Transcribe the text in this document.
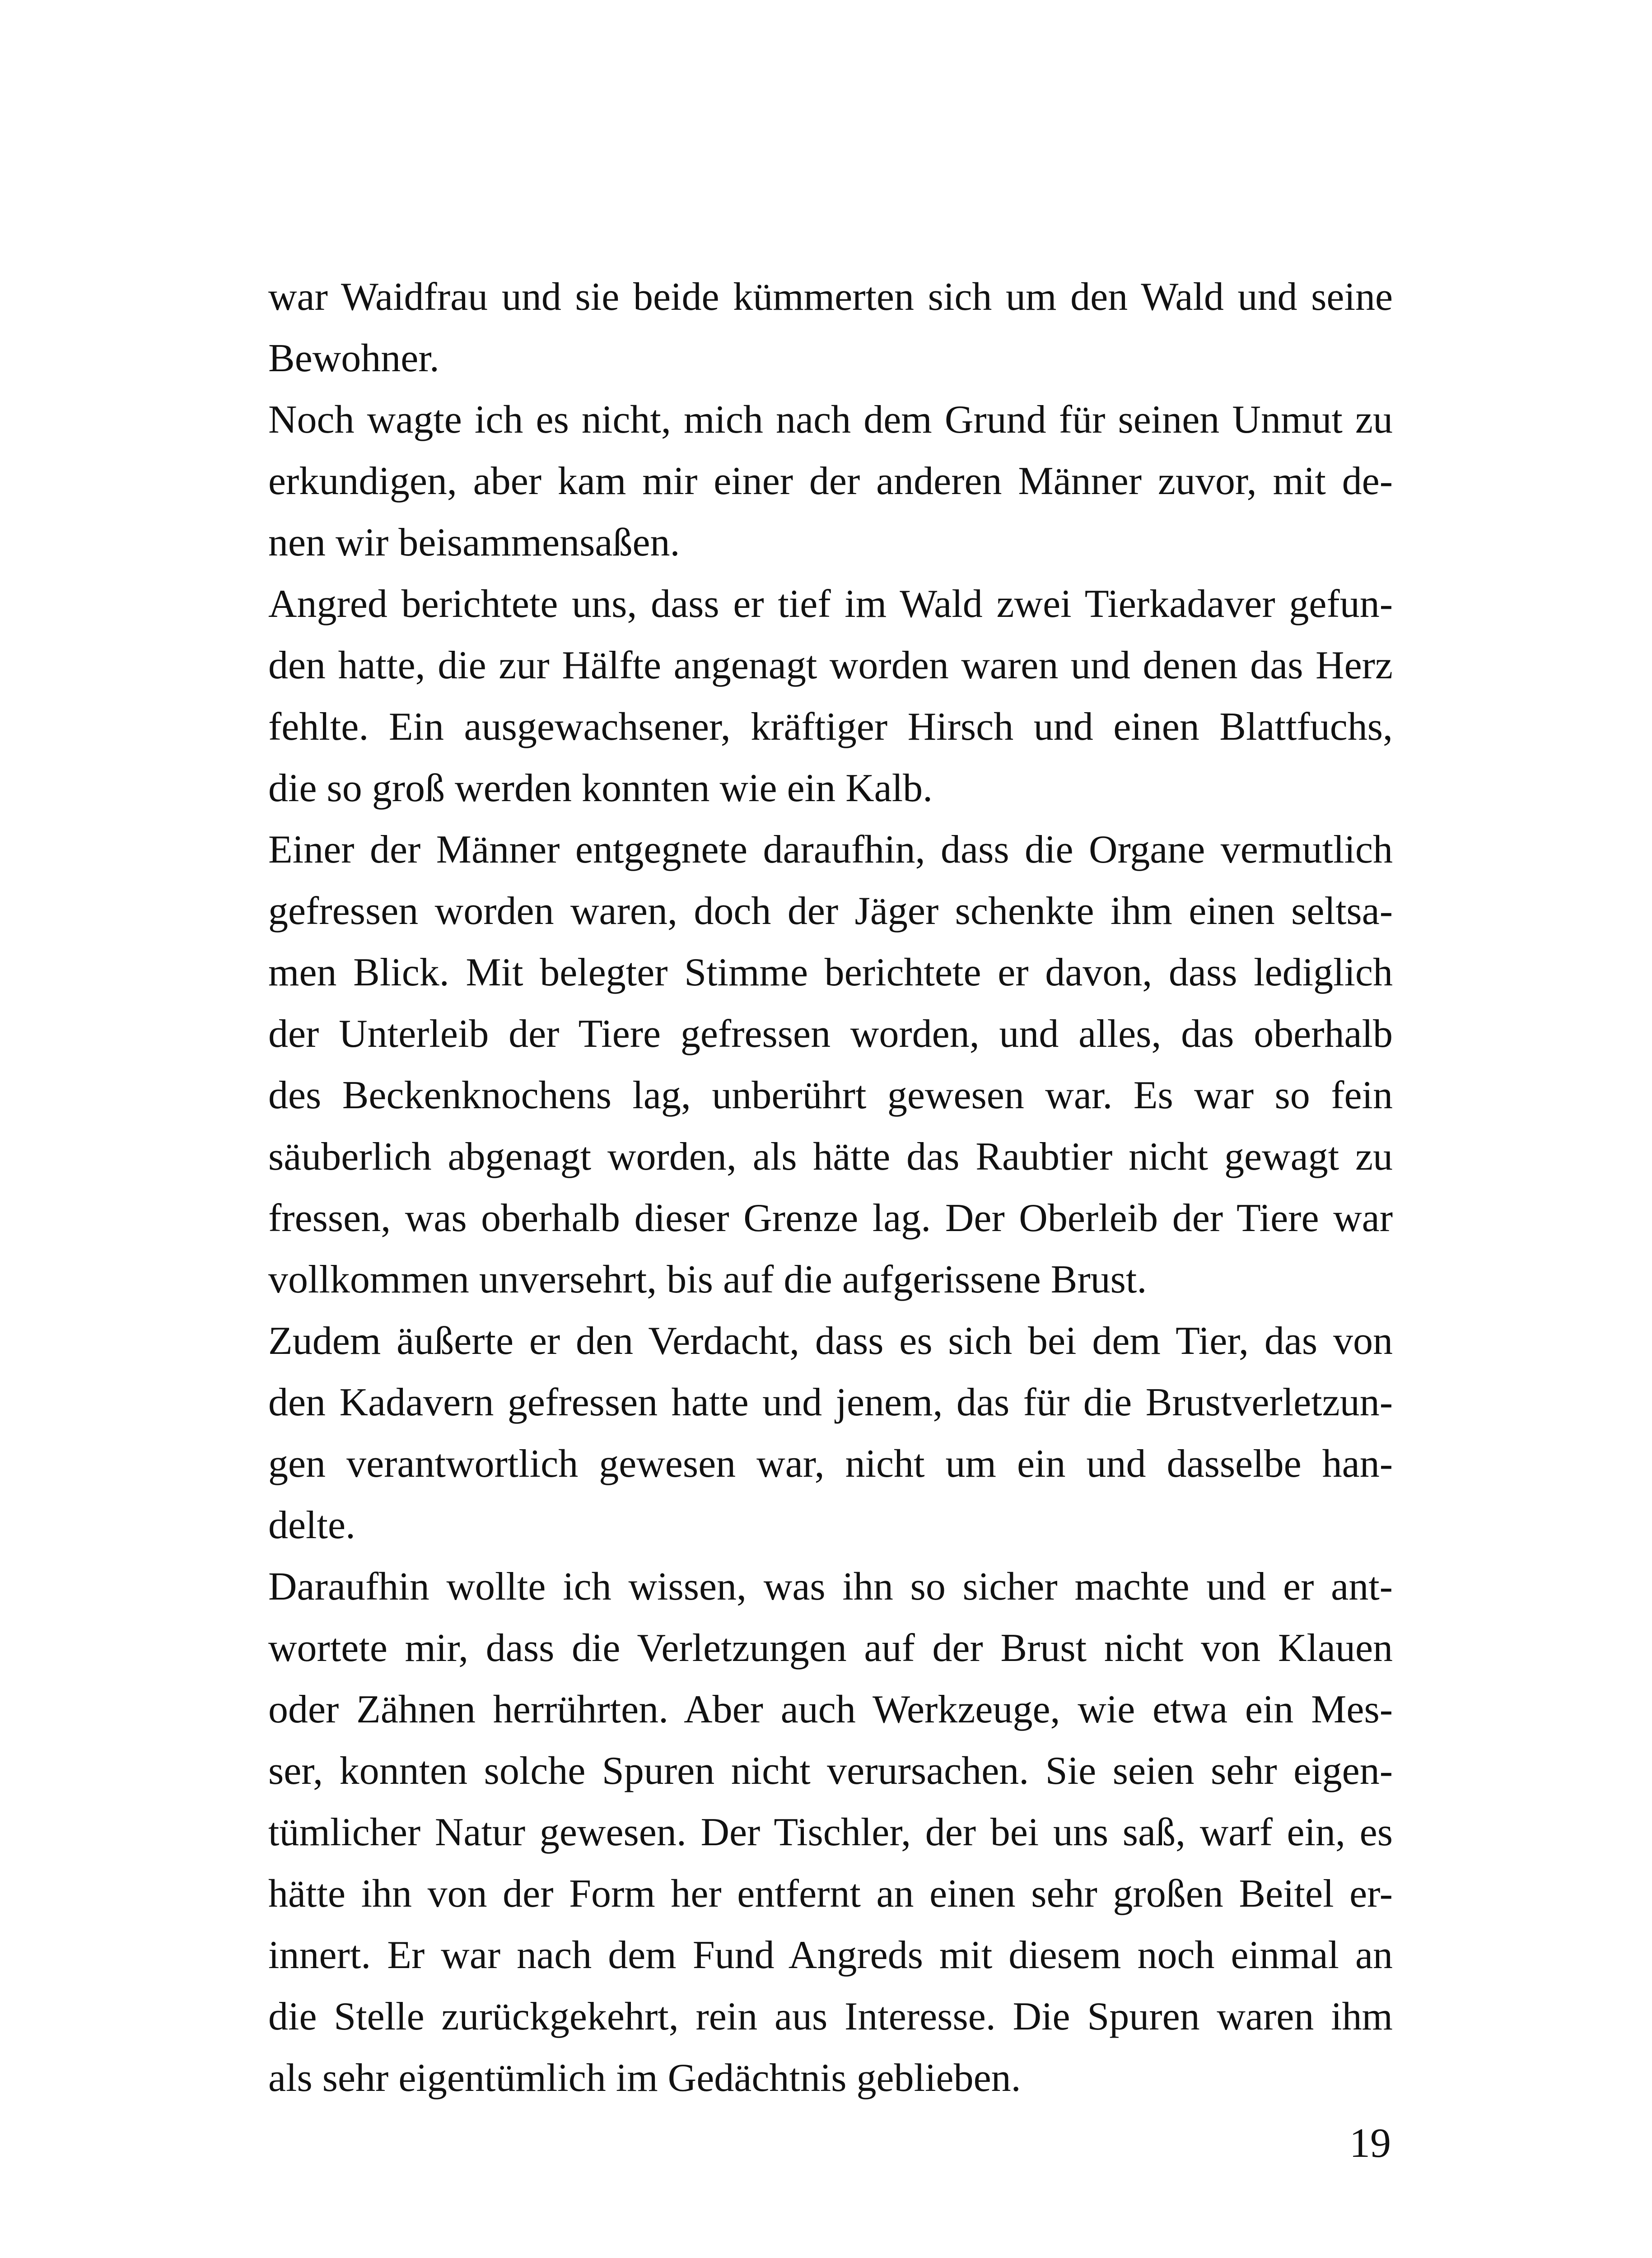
war Waidfrau und sie beide kümmerten sich um den Wald und seine
Bewohner.
Noch wagte ich es nicht, mich nach dem Grund für seinen Unmut zu
erkundigen, aber kam mir einer der anderen Männer zuvor, mit de-
nen wir beisammensaßen.
Angred berichtete uns, dass er tief im Wald zwei Tierkadaver gefun-
den hatte, die zur Hälfte angenagt worden waren und denen das Herz
fehlte. Ein ausgewachsener, kräftiger Hirsch und einen Blattfuchs,
die so groß werden konnten wie ein Kalb.
Einer der Männer entgegnete daraufhin, dass die Organe vermutlich
gefressen worden waren, doch der Jäger schenkte ihm einen seltsa-
men Blick. Mit belegter Stimme berichtete er davon, dass lediglich
der Unterleib der Tiere gefressen worden, und alles, das oberhalb
des Beckenknochens lag, unberührt gewesen war. Es war so fein
säuberlich abgenagt worden, als hätte das Raubtier nicht gewagt zu
fressen, was oberhalb dieser Grenze lag. Der Oberleib der Tiere war
vollkommen unversehrt, bis auf die aufgerissene Brust.
Zudem äußerte er den Verdacht, dass es sich bei dem Tier, das von
den Kadavern gefressen hatte und jenem, das für die Brustverletzun-
gen verantwortlich gewesen war, nicht um ein und dasselbe han-
delte.
Daraufhin wollte ich wissen, was ihn so sicher machte und er ant-
wortete mir, dass die Verletzungen auf der Brust nicht von Klauen
oder Zähnen herrührten. Aber auch Werkzeuge, wie etwa ein Mes-
ser, konnten solche Spuren nicht verursachen. Sie seien sehr eigen-
tümlicher Natur gewesen. Der Tischler, der bei uns saß, warf ein, es
hätte ihn von der Form her entfernt an einen sehr großen Beitel er-
innert. Er war nach dem Fund Angreds mit diesem noch einmal an
die Stelle zurückgekehrt, rein aus Interesse. Die Spuren waren ihm
als sehr eigentümlich im Gedächtnis geblieben.
19
